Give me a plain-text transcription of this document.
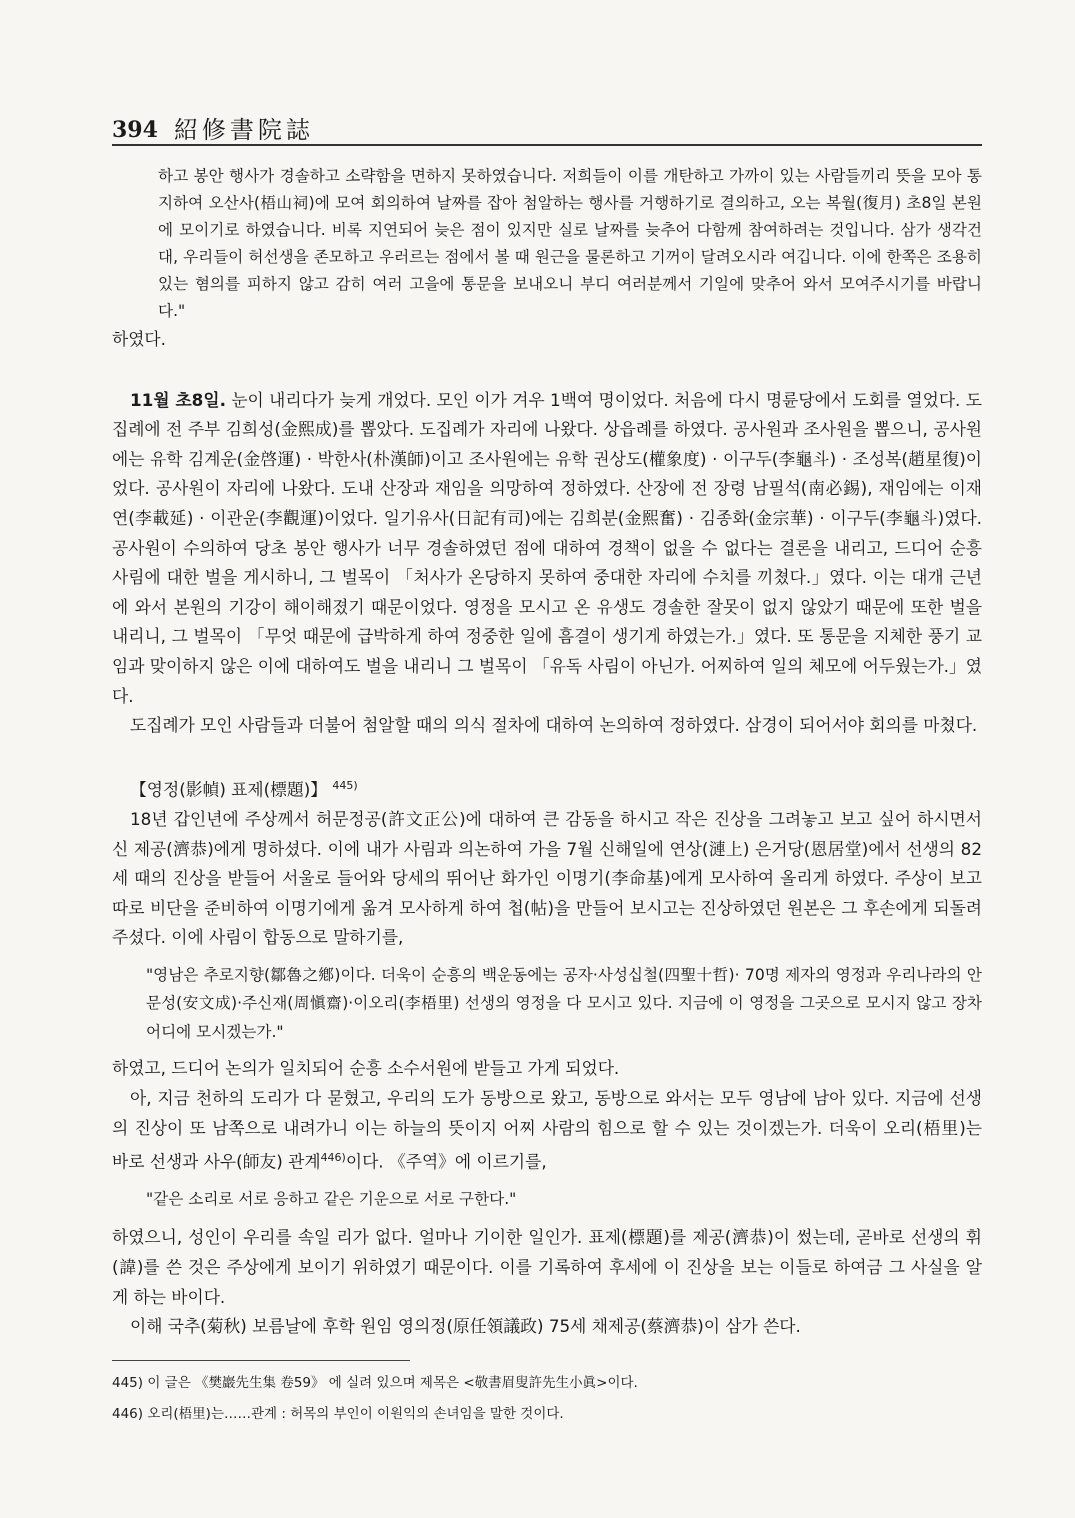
394 紹修書院誌

하고 봉안 행사가 경솔하고 소략함을 면하지 못하였습니다. 저희들이 이를 개탄하고 가까이 있는 사람들끼리 뜻을 모아 통지하여 오산사(梧山祠)에 모여 회의하여 날짜를 잡아 첨알하는 행사를 거행하기로 결의하고, 오는 복월(復月) 초8일 본원에 모이기로 하였습니다. 비록 지연되어 늦은 점이 있지만 실로 날짜를 늦추어 다함께 참여하려는 것입니다. 삼가 생각건대, 우리들이 허선생을 존모하고 우러르는 점에서 볼 때 원근을 물론하고 기꺼이 달려오시라 여깁니다. 이에 한쪽은 조용히 있는 혐의를 피하지 않고 감히 여러 고을에 통문을 보내오니 부디 여러분께서 기일에 맞추어 와서 모여주시기를 바랍니다."

하였다.

11월 초8일. 눈이 내리다가 늦게 개었다. 모인 이가 겨우 1백여 명이었다. 처음에 다시 명륜당에서 도회를 열었다. 도집례에 전 주부 김희성(金熙成)를 뽑았다. 도집례가 자리에 나왔다. 상읍례를 하였다. 공사원과 조사원을 뽑으니, 공사원에는 유학 김계운(金啓運) · 박한사(朴漢師)이고 조사원에는 유학 권상도(權象度) · 이구두(李龜斗) · 조성복(趙星復)이었다. 공사원이 자리에 나왔다. 도내 산장과 재임을 의망하여 정하였다. 산장에 전 장령 남필석(南必錫), 재임에는 이재연(李載延) · 이관운(李觀運)이었다. 일기유사(日記有司)에는 김희분(金熙奮) · 김종화(金宗華) · 이구두(李龜斗)였다. 공사원이 수의하여 당초 봉안 행사가 너무 경솔하였던 점에 대하여 경책이 없을 수 없다는 결론을 내리고, 드디어 순흥 사림에 대한 벌을 게시하니, 그 벌목이 「처사가 온당하지 못하여 중대한 자리에 수치를 끼쳤다.」였다. 이는 대개 근년에 와서 본원의 기강이 해이해졌기 때문이었다. 영정을 모시고 온 유생도 경솔한 잘못이 없지 않았기 때문에 또한 벌을 내리니, 그 벌목이 「무엇 때문에 급박하게 하여 정중한 일에 흠결이 생기게 하였는가.」였다. 또 통문을 지체한 풍기 교임과 맞이하지 않은 이에 대하여도 벌을 내리니 그 벌목이 「유독 사림이 아닌가. 어찌하여 일의 체모에 어두웠는가.」였다.

도집례가 모인 사람들과 더불어 첨알할 때의 의식 절차에 대하여 논의하여 정하였다. 삼경이 되어서야 회의를 마쳤다.

【영정(影幀) 표제(標題)】 $^{445)}$

18년 갑인년에 주상께서 허문정공(許文正公)에 대하여 큰 감동을 하시고 작은 진상을 그려놓고 보고 싶어 하시면서 신 제공(濟恭)에게 명하셨다. 이에 내가 사림과 의논하여 가을 7월 신해일에 연상(漣上) 은거당(恩居堂)에서 선생의 82세 때의 진상을 받들어 서울로 들어와 당세의 뛰어난 화가인 이명기(李命基)에게 모사하여 올리게 하였다. 주상이 보고 따로 비단을 준비하여 이명기에게 옮겨 모사하게 하여 첩(帖)을 만들어 보시고는 진상하였던 원본은 그 후손에게 되돌려주셨다. 이에 사림이 합동으로 말하기를,

"영남은 추로지향(鄒魯之鄕)이다. 더욱이 순흥의 백운동에는 공자·사성십철(四聖十哲)· 70명 제자의 영정과 우리나라의 안문성(安文成)·주신재(周愼齋)·이오리(李梧里) 선생의 영정을 다 모시고 있다. 지금에 이 영정을 그곳으로 모시지 않고 장차 어디에 모시겠는가."

하였고, 드디어 논의가 일치되어 순흥 소수서원에 받들고 가게 되었다.

아, 지금 천하의 도리가 다 묻혔고, 우리의 도가 동방으로 왔고, 동방으로 와서는 모두 영남에 남아 있다. 지금에 선생의 진상이 또 남쪽으로 내려가니 이는 하늘의 뜻이지 어찌 사람의 힘으로 할 수 있는 것이겠는가. 더욱이 오리(梧里)는 바로 선생과 사우(師友) 관계$^{446)}$이다. 《주역》에 이르기를,

"같은 소리로 서로 응하고 같은 기운으로 서로 구한다."

하였으니, 성인이 우리를 속일 리가 없다. 얼마나 기이한 일인가. 표제(標題)를 제공(濟恭)이 썼는데, 곧바로 선생의 휘(諱)를 쓴 것은 주상에게 보이기 위하였기 때문이다. 이를 기록하여 후세에 이 진상을 보는 이들로 하여금 그 사실을 알게 하는 바이다.

이해 국추(菊秋) 보름날에 후학 원임 영의정(原任領議政) 75세 채제공(蔡濟恭)이 삼가 쓴다.

445) 이 글은 《樊巖先生集 卷59》 에 실려 있으며 제목은 <敬書眉叟許先生小眞>이다.

446) 오리(梧里)는……관계 : 허목의 부인이 이원익의 손녀임을 말한 것이다.
